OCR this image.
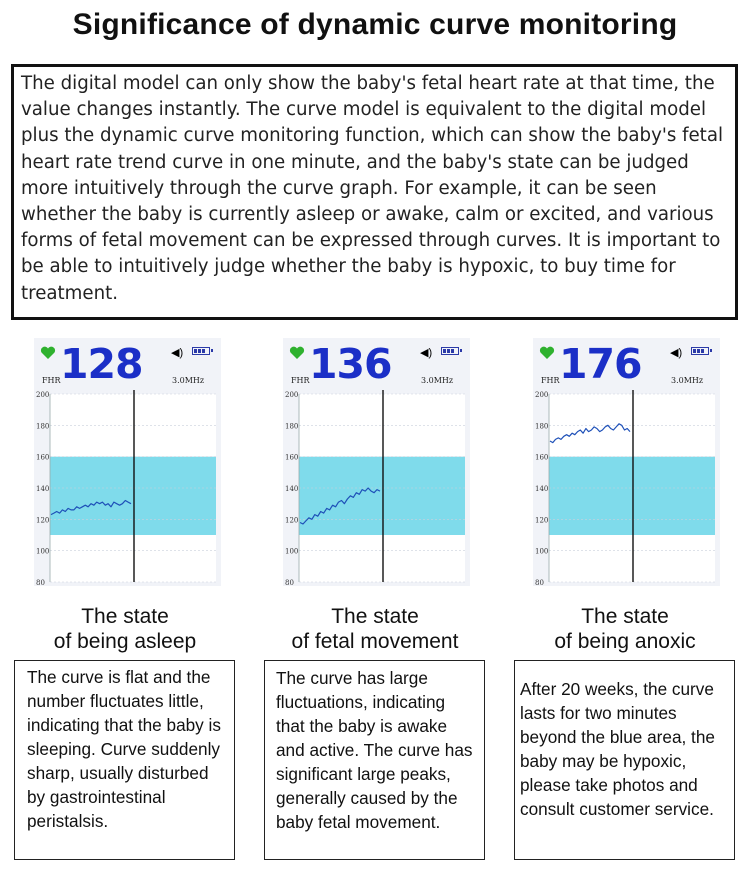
Significance of dynamic curve monitoring

The digital model can only show the baby's fetal heart rate at that time, the value changes instantly. The curve model is equivalent to the digital model plus the dynamic curve monitoring function, which can show the baby's fetal heart rate trend curve in one minute, and the baby's state can be judged more intuitively through the curve graph. For example, it can be seen whether the baby is currently asleep or awake, calm or excited, and various forms of fetal movement can be expressed through curves. It is important to be able to intuitively judge whether the baby is hypoxic, to buy time for treatment.

128	◀)
FHR	3.0MHz
200
180
160
140
120
100
80
136	◀)
FHR	3.0MHz
200
180
160
140
120
100
80
176	◀)
FHR	3.0MHz
200
180
160
140
120
100
80
The state
of being asleep
The state
of fetal movement
The state
of being anoxic

The curve is flat and the number fluctuates little, indicating that the baby is sleeping. Curve suddenly sharp, usually disturbed by gastrointestinal peristalsis.

The curve has large fluctuations, indicating that the baby is awake and active. The curve has significant large peaks, generally caused by the baby fetal movement.

After 20 weeks, the curve lasts for two minutes beyond the blue area, the baby may be hypoxic, please take photos and consult customer service.
